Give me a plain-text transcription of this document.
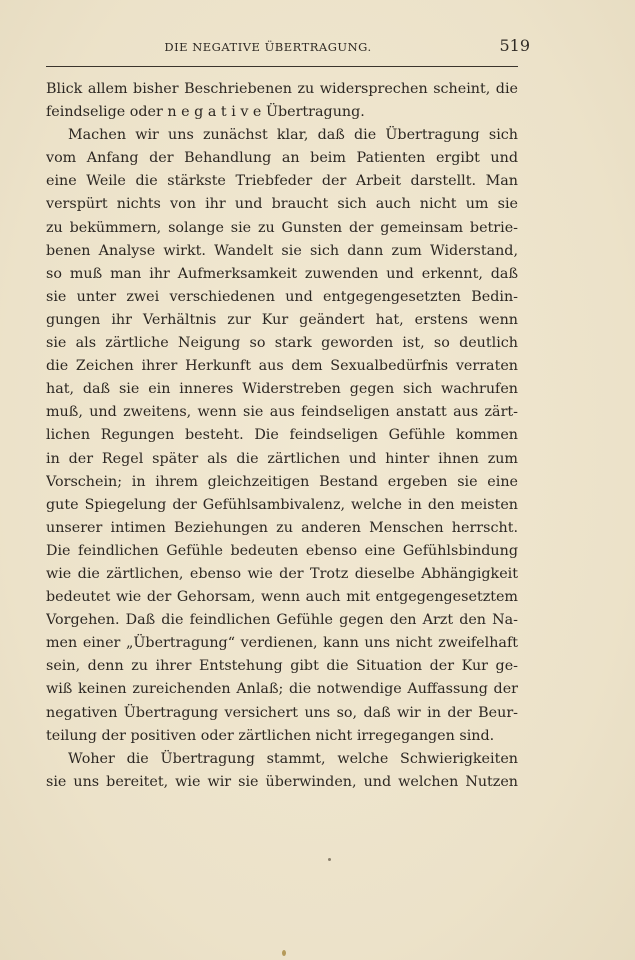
DIE NEGATIVE ÜBERTRAGUNG.	519
Blick allem bisher Beschriebenen zu widersprechen scheint, die
feindselige oder n e g a t i v e Übertragung.
Machen wir uns zunächst klar, daß die Übertragung sich
vom Anfang der Behandlung an beim Patienten ergibt und
eine Weile die stärkste Triebfeder der Arbeit darstellt. Man
verspürt nichts von ihr und braucht sich auch nicht um sie
zu bekümmern, solange sie zu Gunsten der gemeinsam betrie-
benen Analyse wirkt. Wandelt sie sich dann zum Widerstand,
so muß man ihr Aufmerksamkeit zuwenden und erkennt, daß
sie unter zwei verschiedenen und entgegengesetzten Bedin-
gungen ihr Verhältnis zur Kur geändert hat, erstens wenn
sie als zärtliche Neigung so stark geworden ist, so deutlich
die Zeichen ihrer Herkunft aus dem Sexualbedürfnis verraten
hat, daß sie ein inneres Widerstreben gegen sich wachrufen
muß, und zweitens, wenn sie aus feindseligen anstatt aus zärt-
lichen Regungen besteht. Die feindseligen Gefühle kommen
in der Regel später als die zärtlichen und hinter ihnen zum
Vorschein; in ihrem gleichzeitigen Bestand ergeben sie eine
gute Spiegelung der Gefühlsambivalenz, welche in den meisten
unserer intimen Beziehungen zu anderen Menschen herrscht.
Die feindlichen Gefühle bedeuten ebenso eine Gefühlsbindung
wie die zärtlichen, ebenso wie der Trotz dieselbe Abhängigkeit
bedeutet wie der Gehorsam, wenn auch mit entgegengesetztem
Vorgehen. Daß die feindlichen Gefühle gegen den Arzt den Na-
men einer „Übertragung“ verdienen, kann uns nicht zweifelhaft
sein, denn zu ihrer Entstehung gibt die Situation der Kur ge-
wiß keinen zureichenden Anlaß; die notwendige Auffassung der
negativen Übertragung versichert uns so, daß wir in der Beur-
teilung der positiven oder zärtlichen nicht irregegangen sind.
Woher die Übertragung stammt, welche Schwierigkeiten
sie uns bereitet, wie wir sie überwinden, und welchen Nutzen
